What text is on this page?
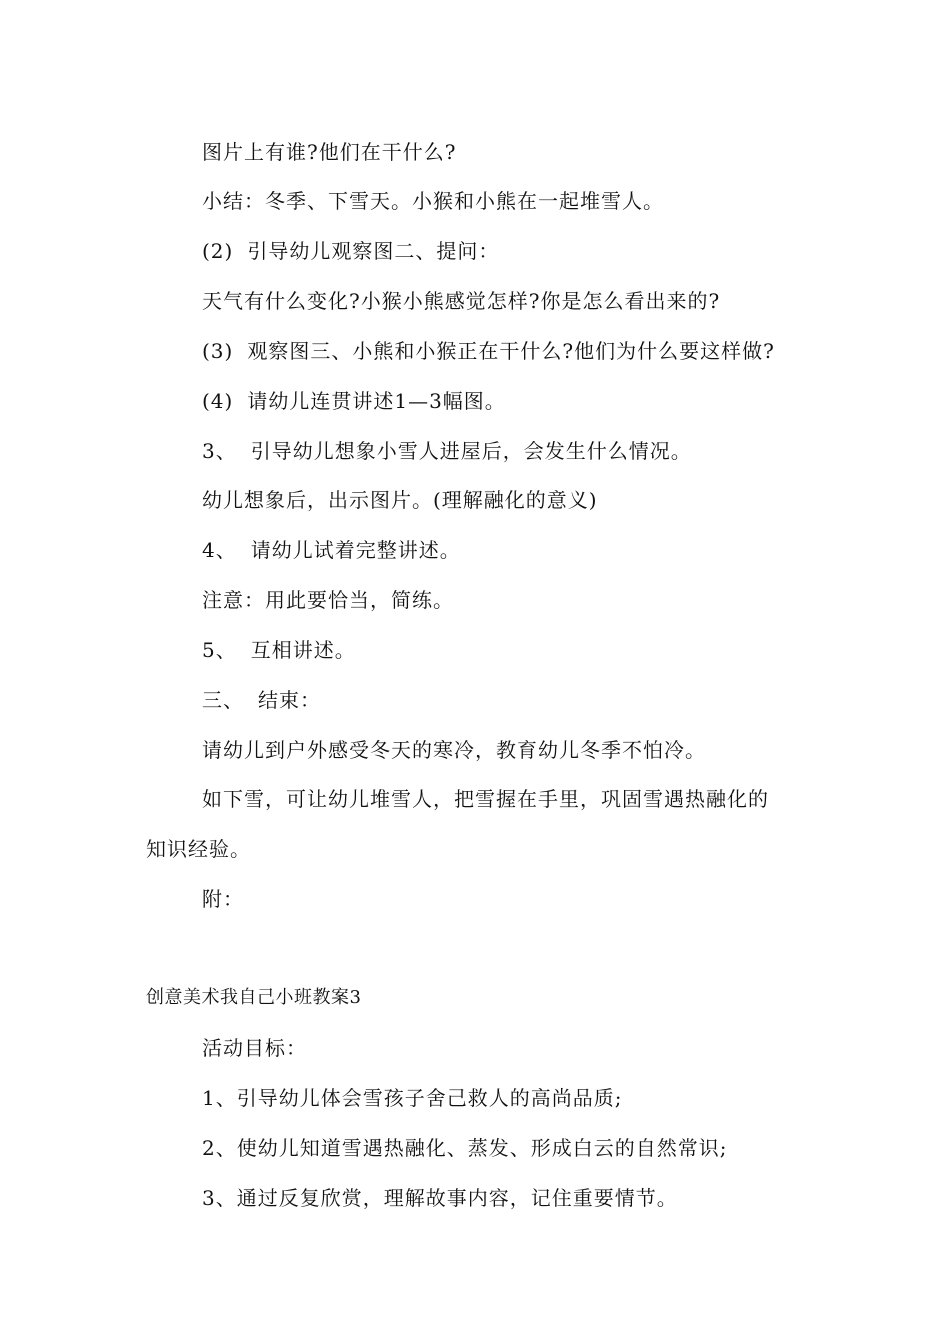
图片上有谁?他们在干什么?
小结：冬季、下雪天。小猴和小熊在一起堆雪人。
(2) 引导幼儿观察图二、提问：
天气有什么变化?小猴小熊感觉怎样?你是怎么看出来的?
(3) 观察图三、小熊和小猴正在干什么?他们为什么要这样做?
(4) 请幼儿连贯讲述1—3幅图。
3、 引导幼儿想象小雪人进屋后，会发生什么情况。
幼儿想象后，出示图片。(理解融化的意义)
4、 请幼儿试着完整讲述。
注意：用此要恰当，简练。
5、 互相讲述。
三、 结束：
请幼儿到户外感受冬天的寒冷，教育幼儿冬季不怕冷。
如下雪，可让幼儿堆雪人，把雪握在手里，巩固雪遇热融化的
知识经验。
附：
创意美术我自己小班教案3
活动目标：
1、引导幼儿体会雪孩子舍己救人的高尚品质;
2、使幼儿知道雪遇热融化、蒸发、形成白云的自然常识;
3、通过反复欣赏，理解故事内容，记住重要情节。
